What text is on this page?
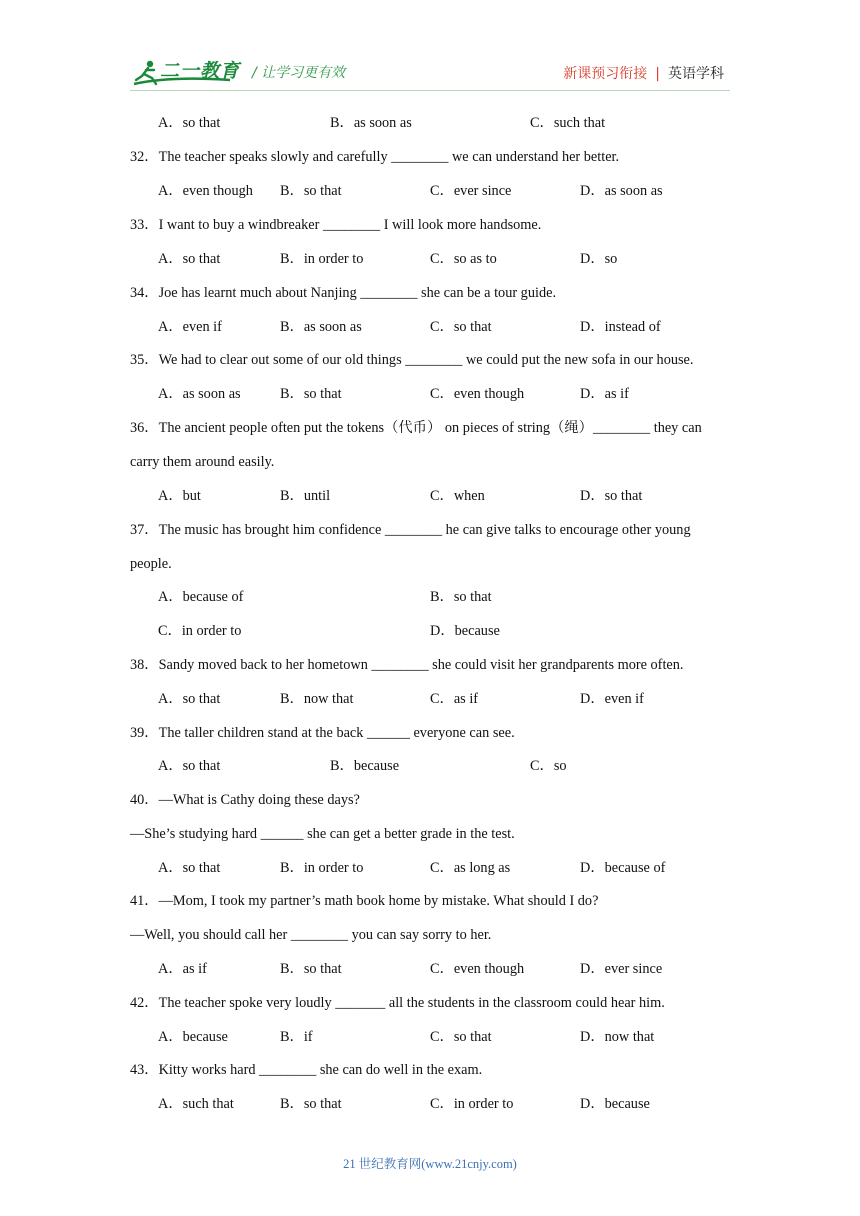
二一教育 / 让学习更有效	新课预习衔接 | 英语学科
A．so that	B．as soon as	C．such that
32．The teacher speaks slowly and carefully ________ we can understand her better.
A．even though B．so that	C．ever since	D．as soon as
33．I want to buy a windbreaker ________ I will look more handsome.
A．so that	B．in order to	C．so as to	D．so
34．Joe has learnt much about Nanjing ________ she can be a tour guide.
A．even if	B．as soon as	C．so that	D．instead of
35．We had to clear out some of our old things ________ we could put the new sofa in our house.
A．as soon as	B．so that	C．even though	D．as if
36．The ancient people often put the tokens（代币） on pieces of string（绳）________ they can
carry them around easily.
A．but	B．until	C．when	D．so that
37．The music has brought him confidence ________ he can give talks to encourage other young
people.
A．because of	B．so that
C．in order to	D．because
38．Sandy moved back to her hometown ________ she could visit her grandparents more often.
A．so that	B．now that	C．as if	D．even if
39．The taller children stand at the back ______ everyone can see.
A．so that	B．because	C．so
40．—What is Cathy doing these days?
—She’s studying hard ______ she can get a better grade in the test.
A．so that	B．in order to	C．as long as	D．because of
41．—Mom, I took my partner’s math book home by mistake. What should I do?
—Well, you should call her ________ you can say sorry to her.
A．as if	B．so that	C．even though	D．ever since
42．The teacher spoke very loudly _______ all the students in the classroom could hear him.
A．because	B．if	C．so that	D．now that
43．Kitty works hard ________ she can do well in the exam.
A．such that	B．so that	C．in order to	D．because
21 世纪教育网(www.21cnjy.com)
